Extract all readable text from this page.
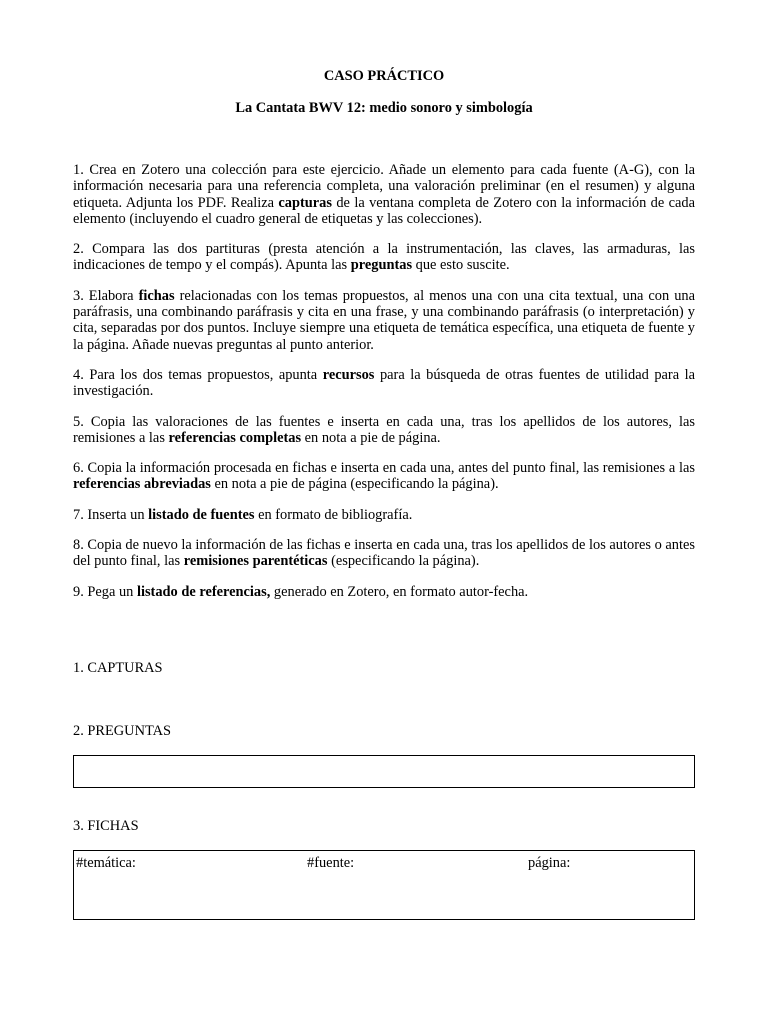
CASO PRÁCTICO
La Cantata BWV 12: medio sonoro y simbología

1. Crea en Zotero una colección para este ejercicio. Añade un elemento para cada fuente (A-G), con la información necesaria para una referencia completa, una valoración preliminar (en el resumen) y alguna etiqueta. Adjunta los PDF. Realiza capturas de la ventana completa de Zotero con la información de cada elemento (incluyendo el cuadro general de etiquetas y las colecciones).

2. Compara las dos partituras (presta atención a la instrumentación, las claves, las armaduras, las indicaciones de tempo y el compás). Apunta las preguntas que esto suscite.

3. Elabora fichas relacionadas con los temas propuestos, al menos una con una cita textual, una con una paráfrasis, una combinando paráfrasis y cita en una frase, y una combinando paráfrasis (o interpretación) y cita, separadas por dos puntos. Incluye siempre una etiqueta de temática específica, una etiqueta de fuente y la página. Añade nuevas preguntas al punto anterior.

4. Para los dos temas propuestos, apunta recursos para la búsqueda de otras fuentes de utilidad para la investigación.

5. Copia las valoraciones de las fuentes e inserta en cada una, tras los apellidos de los autores, las remisiones a las referencias completas en nota a pie de página.

6. Copia la información procesada en fichas e inserta en cada una, antes del punto final, las remisiones a las referencias abreviadas en nota a pie de página (especificando la página).

7. Inserta un listado de fuentes en formato de bibliografía.

8. Copia de nuevo la información de las fichas e inserta en cada una, tras los apellidos de los autores o antes del punto final, las remisiones parentéticas (especificando la página).

9. Pega un listado de referencias, generado en Zotero, en formato autor-fecha.

1. CAPTURAS
2. PREGUNTAS
3. FICHAS
#temática:	#fuente:	página:
